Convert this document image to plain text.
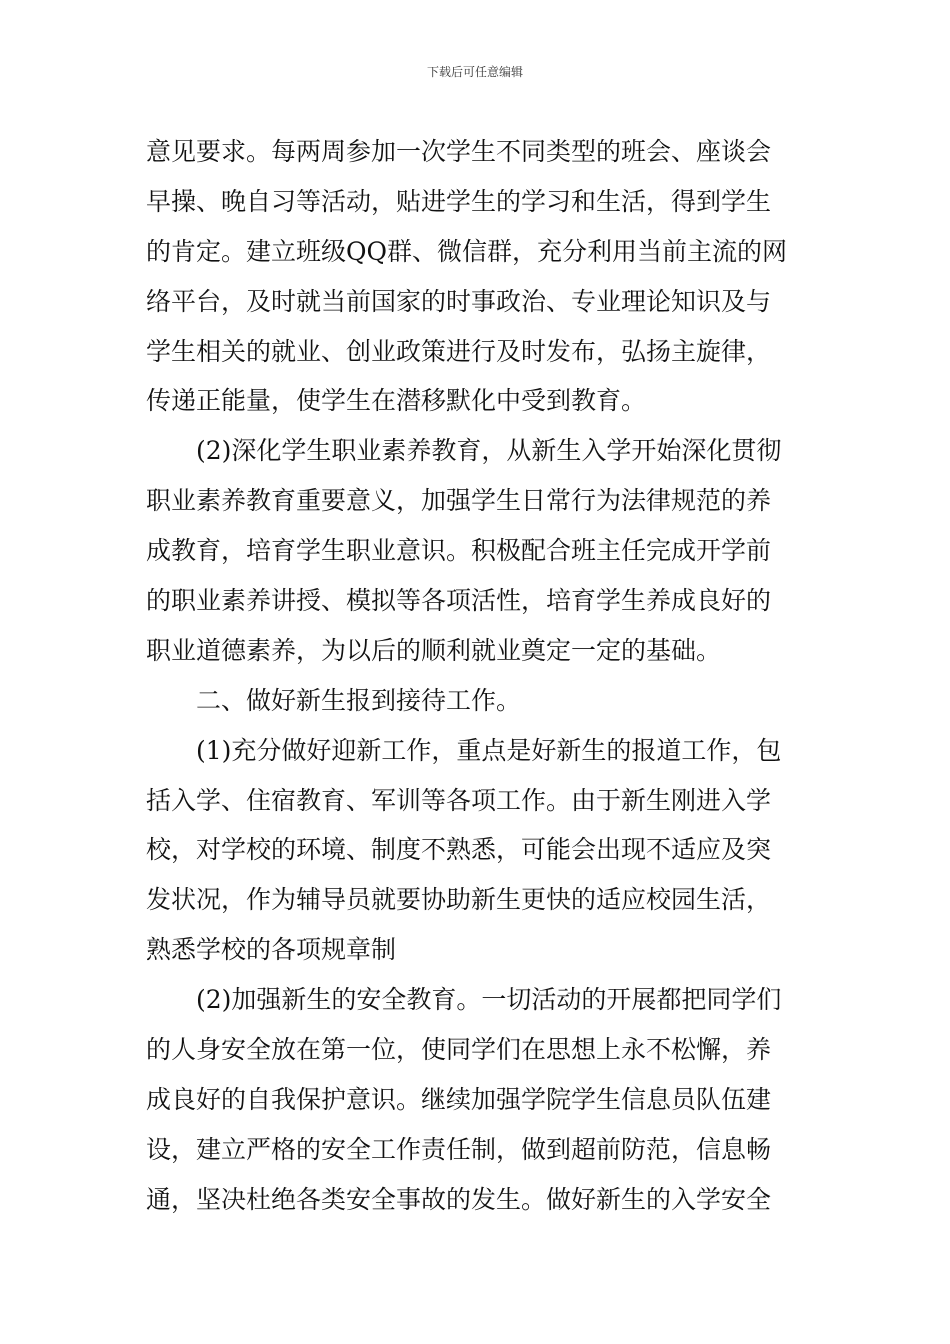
下载后可任意编辑
意见要求。每两周参加一次学生不同类型的班会、座谈会
早操、晚自习等活动，贴进学生的学习和生活，得到学生
的肯定。建立班级QQ群、微信群，充分利用当前主流的网
络平台，及时就当前国家的时事政治、专业理论知识及与
学生相关的就业、创业政策进行及时发布，弘扬主旋律，
传递正能量，使学生在潜移默化中受到教育。
(2)深化学生职业素养教育，从新生入学开始深化贯彻
职业素养教育重要意义，加强学生日常行为法律规范的养
成教育，培育学生职业意识。积极配合班主任完成开学前
的职业素养讲授、模拟等各项活性，培育学生养成良好的
职业道德素养，为以后的顺利就业奠定一定的基础。
二、做好新生报到接待工作。
(1)充分做好迎新工作，重点是好新生的报道工作，包
括入学、住宿教育、军训等各项工作。由于新生刚进入学
校，对学校的环境、制度不熟悉，可能会出现不适应及突
发状况，作为辅导员就要协助新生更快的适应校园生活，
熟悉学校的各项规章制
(2)加强新生的安全教育。一切活动的开展都把同学们
的人身安全放在第一位，使同学们在思想上永不松懈，养
成良好的自我保护意识。继续加强学院学生信息员队伍建
设，建立严格的安全工作责任制，做到超前防范，信息畅
通，坚决杜绝各类安全事故的发生。做好新生的入学安全
